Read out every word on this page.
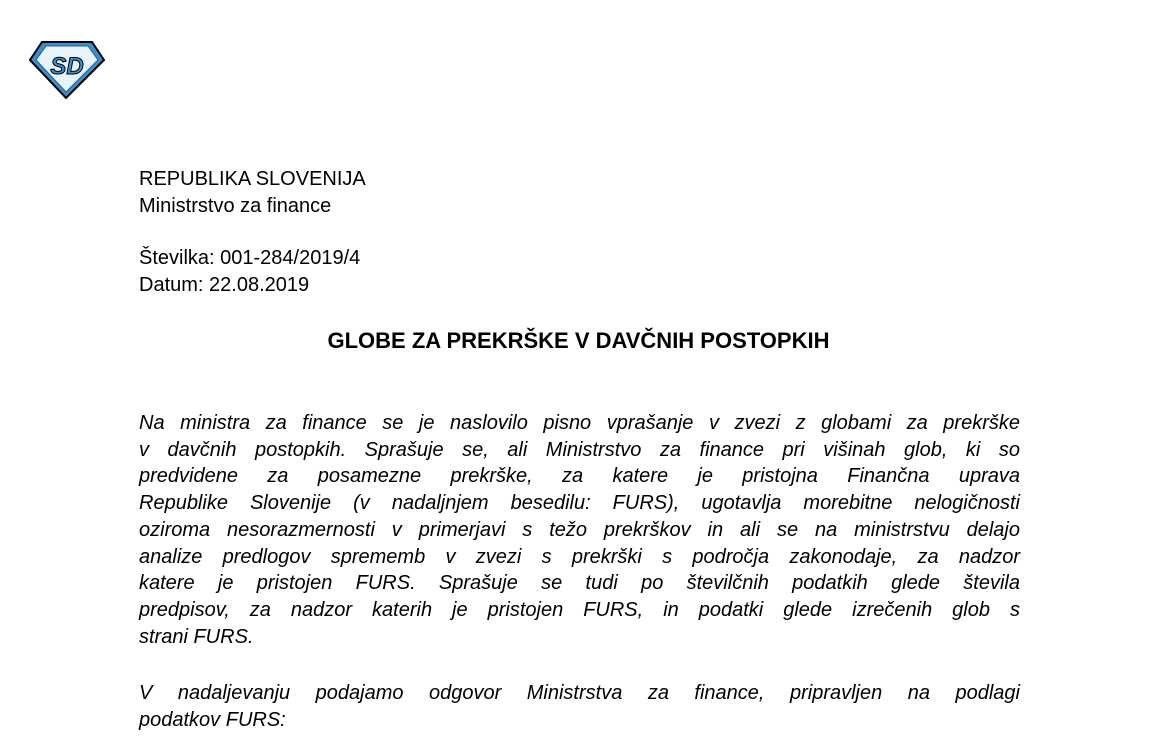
SD
REPUBLIKA SLOVENIJA
Ministrstvo za finance
Številka: 001-284/2019/4
Datum: 22.08.2019
GLOBE ZA PREKRŠKE V DAVČNIH POSTOPKIH
Na ministra za finance se je naslovilo pisno vprašanje v zvezi z globami za prekrške
v davčnih postopkih. Sprašuje se, ali Ministrstvo za finance pri višinah glob, ki so
predvidene za posamezne prekrške, za katere je pristojna Finančna uprava
Republike Slovenije (v nadaljnjem besedilu: FURS), ugotavlja morebitne nelogičnosti
oziroma nesorazmernosti v primerjavi s težo prekrškov in ali se na ministrstvu delajo
analize predlogov sprememb v zvezi s prekrški s področja zakonodaje, za nadzor
katere je pristojen FURS. Sprašuje se tudi po številčnih podatkih glede števila
predpisov, za nadzor katerih je pristojen FURS, in podatki glede izrečenih glob s
strani FURS.
V nadaljevanju podajamo odgovor Ministrstva za finance, pripravljen na podlagi
podatkov FURS:
